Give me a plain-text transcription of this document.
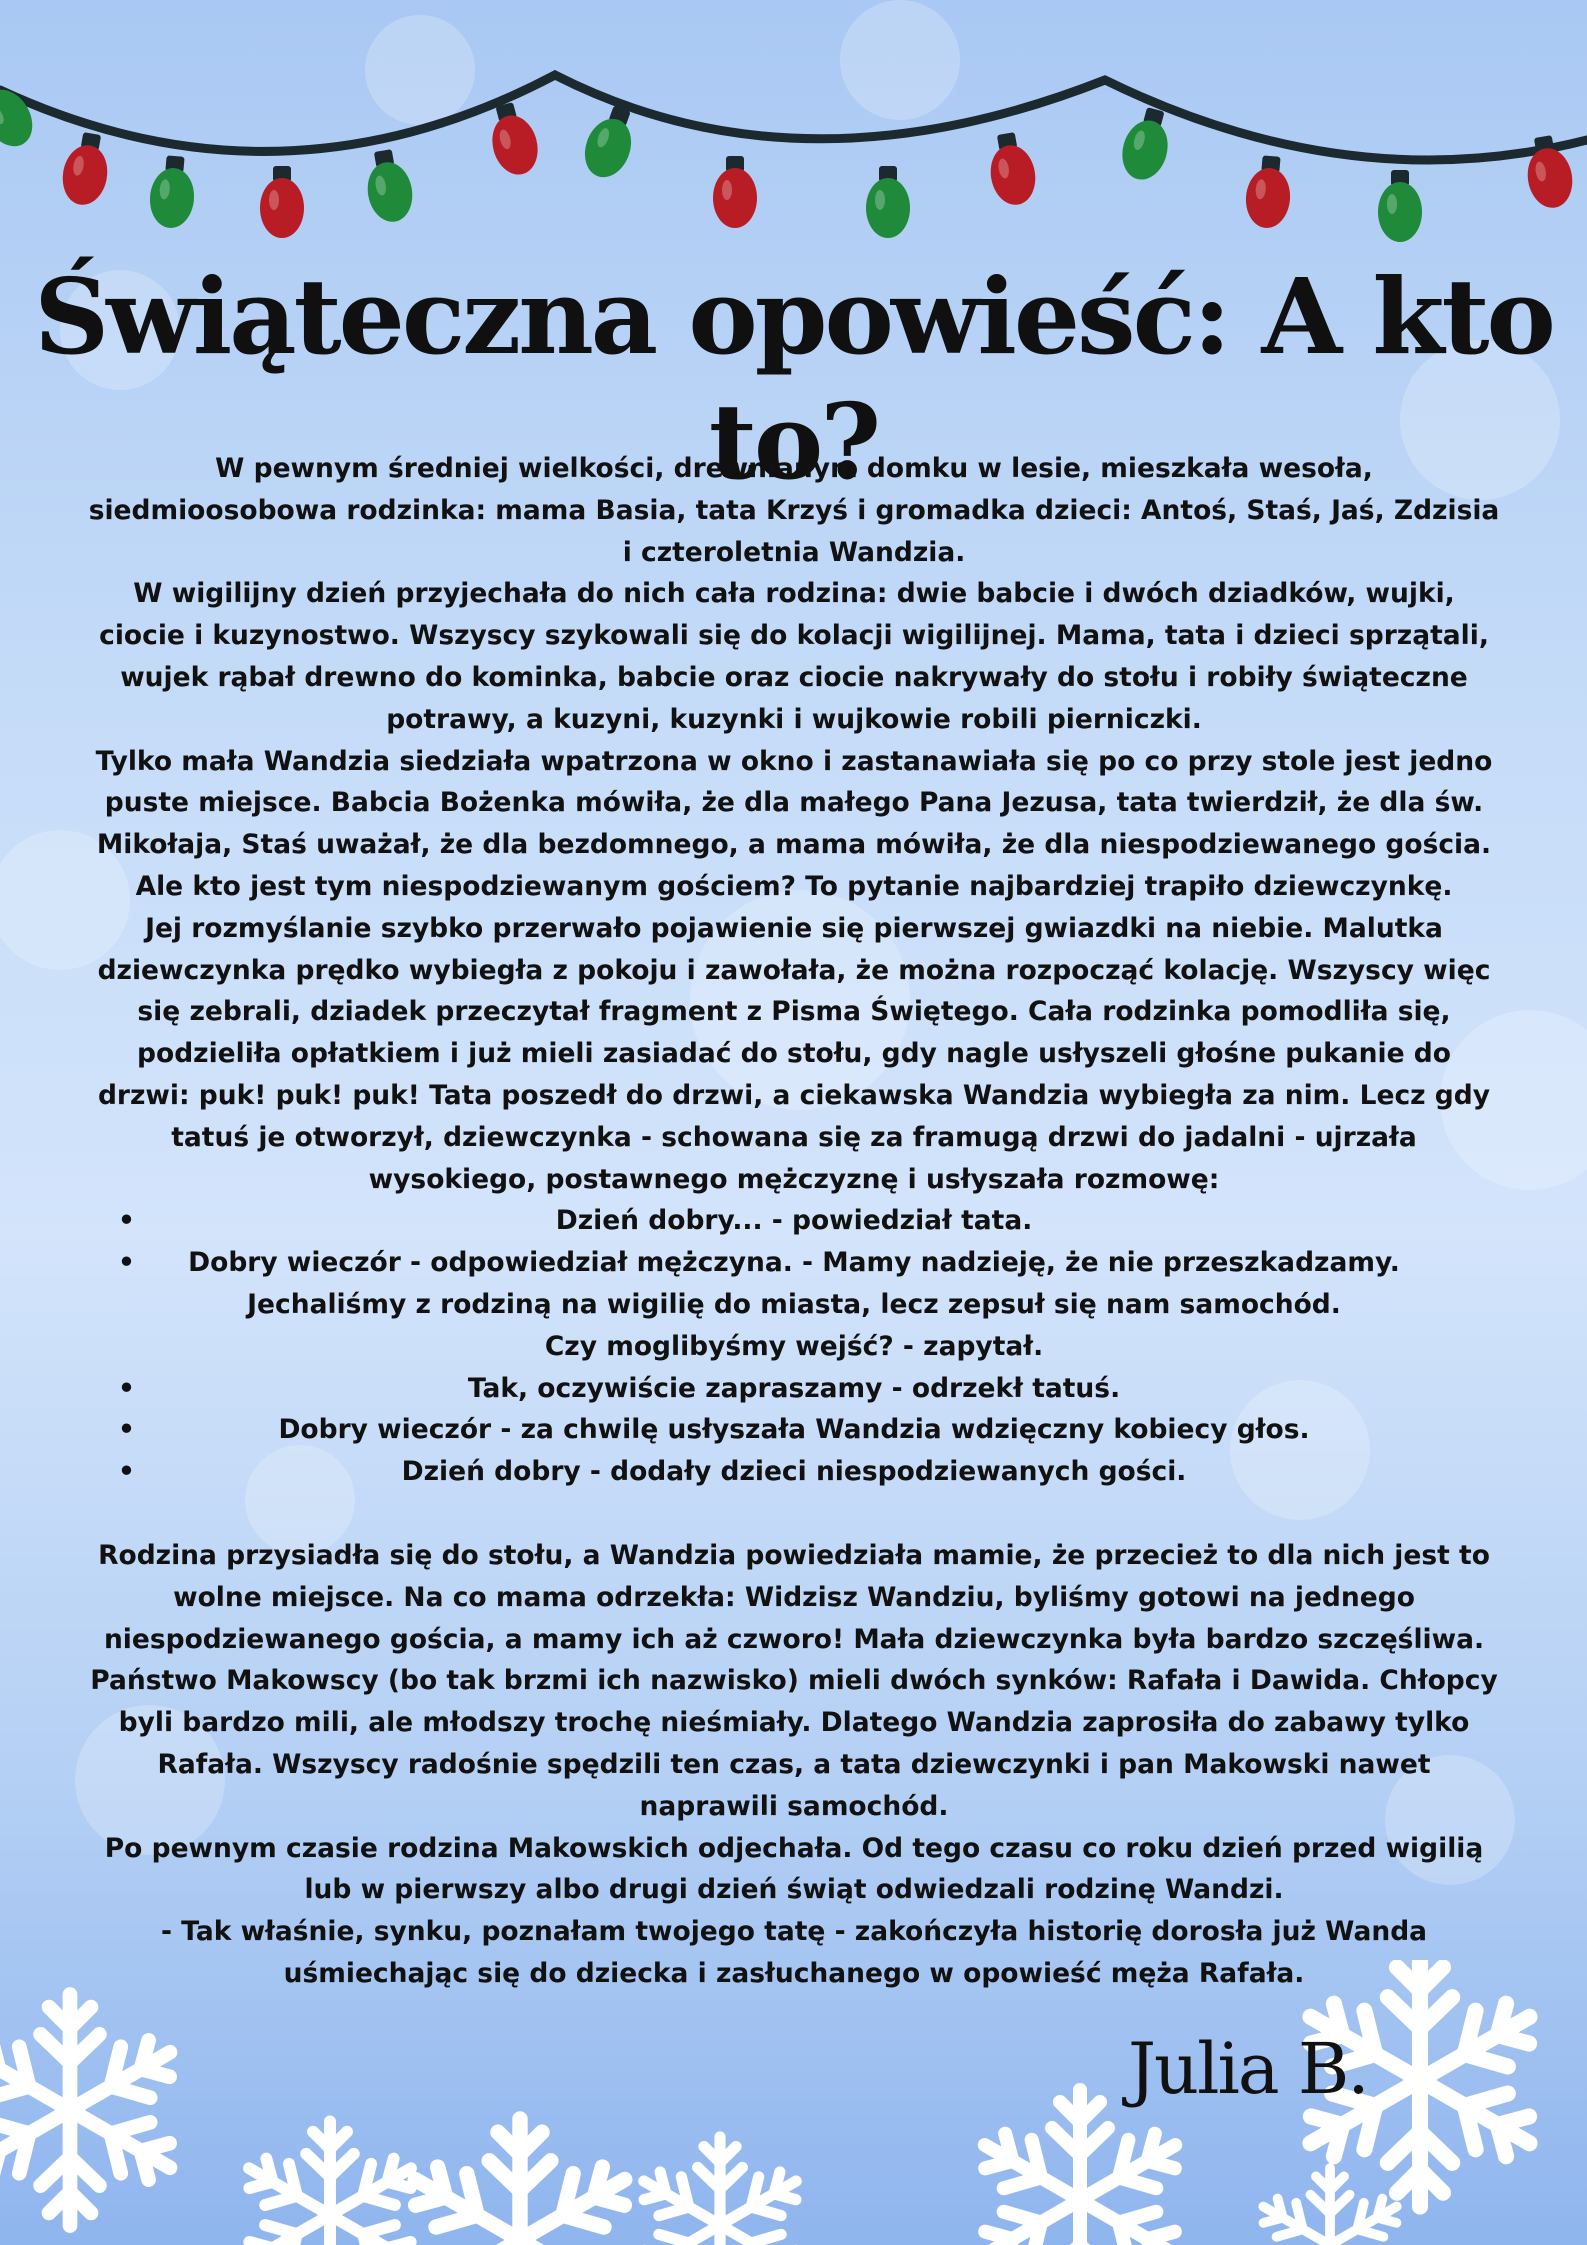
Świąteczna opowieść: A kto to?

W pewnym średniej wielkości, drewnianym domku w lesie, mieszkała wesoła, siedmioosobowa rodzinka: mama Basia, tata Krzyś i gromadka dzieci: Antoś, Staś, Jaś, Zdzisia i czteroletnia Wandzia.

W wigilijny dzień przyjechała do nich cała rodzina: dwie babcie i dwóch dziadków, wujki, ciocie i kuzynostwo. Wszyscy szykowali się do kolacji wigilijnej. Mama, tata i dzieci sprzątali, wujek rąbał drewno do kominka, babcie oraz ciocie nakrywały do stołu i robiły świąteczne potrawy, a kuzyni, kuzynki i wujkowie robili pierniczki.

Tylko mała Wandzia siedziała wpatrzona w okno i zastanawiała się po co przy stole jest jedno puste miejsce. Babcia Bożenka mówiła, że dla małego Pana Jezusa, tata twierdził, że dla św. Mikołaja, Staś uważał, że dla bezdomnego, a mama mówiła, że dla niespodziewanego gościa. Ale kto jest tym niespodziewanym gościem? To pytanie najbardziej trapiło dziewczynkę.

Jej rozmyślanie szybko przerwało pojawienie się pierwszej gwiazdki na niebie. Malutka dziewczynka prędko wybiegła z pokoju i zawołała, że można rozpocząć kolację. Wszyscy więc się zebrali, dziadek przeczytał fragment z Pisma Świętego. Cała rodzinka pomodliła się, podzieliła opłatkiem i już mieli zasiadać do stołu, gdy nagle usłyszeli głośne pukanie do drzwi: puk! puk! puk! Tata poszedł do drzwi, a ciekawska Wandzia wybiegła za nim. Lecz gdy tatuś je otworzył, dziewczynka - schowana się za framugą drzwi do jadalni - ujrzała wysokiego, postawnego mężczyznę i usłyszała rozmowę:

•	Dzień dobry... - powiedział tata.
• Dobry wieczór - odpowiedział mężczyna. - Mamy nadzieję, że nie przeszkadzamy.

Jechaliśmy z rodziną na wigilię do miasta, lecz zepsuł się nam samochód.

Czy moglibyśmy wejść? - zapytał.

•	Tak, oczywiście zapraszamy - odrzekł tatuś.
•	Dobry wieczór - za chwilę usłyszała Wandzia wdzięczny kobiecy głos.
•	Dzień dobry - dodały dzieci niespodziewanych gości.

Rodzina przysiadła się do stołu, a Wandzia powiedziała mamie, że przecież to dla nich jest to wolne miejsce. Na co mama odrzekła: Widzisz Wandziu, byliśmy gotowi na jednego niespodziewanego gościa, a mamy ich aż czworo! Mała dziewczynka była bardzo szczęśliwa. Państwo Makowscy (bo tak brzmi ich nazwisko) mieli dwóch synków: Rafała i Dawida. Chłopcy byli bardzo mili, ale młodszy trochę nieśmiały. Dlatego Wandzia zaprosiła do zabawy tylko Rafała. Wszyscy radośnie spędzili ten czas, a tata dziewczynki i pan Makowski nawet naprawili samochód.

Po pewnym czasie rodzina Makowskich odjechała. Od tego czasu co roku dzień przed wigilią lub w pierwszy albo drugi dzień świąt odwiedzali rodzinę Wandzi.

- Tak właśnie, synku, poznałam twojego tatę - zakończyła historię dorosła już Wanda uśmiechając się do dziecka i zasłuchanego w opowieść męża Rafała.

Julia B.
